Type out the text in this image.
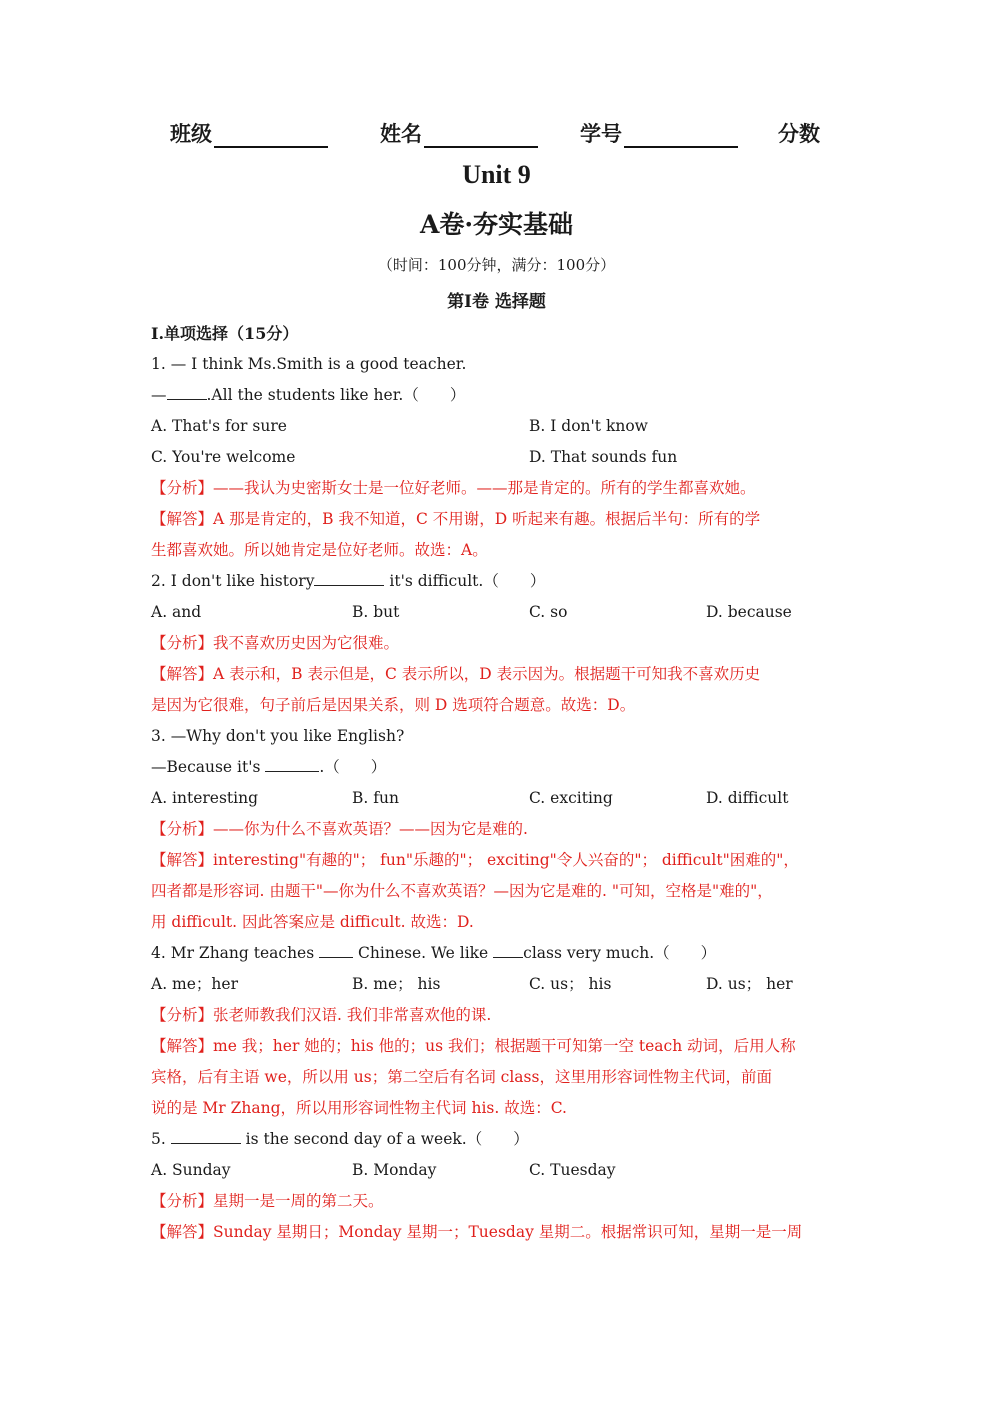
班级	姓名	学号	分数
Unit 9
A卷·夯实基础
（时间：100分钟，满分：100分）
第Ⅰ卷 选择题
I.单项选择（15分）
1. — I think Ms.Smith is a good teacher.
—	.All the students like her.（　　）
A. That's for sure	B. I don't know
C. You're welcome	D. That sounds fun
【分析】——我认为史密斯女士是一位好老师。——那是肯定的。所有的学生都喜欢她。
【解答】A 那是肯定的，B 我不知道，C 不用谢，D 听起来有趣。根据后半句：所有的学
生都喜欢她。所以她肯定是位好老师。故选：A。
2. I don't like history	it's difficult.（　　）
A. and	B. but	C. so	D. because
【分析】我不喜欢历史因为它很难。
【解答】A 表示和，B 表示但是，C 表示所以，D 表示因为。根据题干可知我不喜欢历史
是因为它很难，句子前后是因果关系，则 D 选项符合题意。故选：D。
3. —Why don't you like English?
—Because it's	.（　　）
A. interesting	B. fun	C. exciting	D. difficult
【分析】——你为什么不喜欢英语？——因为它是难的.
【解答】interesting"有趣的"； fun"乐趣的"； exciting"令人兴奋的"； difficult"困难的"，
四者都是形容词. 由题干"—你为什么不喜欢英语？—因为它是难的. "可知，空格是"难的"，
用 difficult. 因此答案应是 difficult. 故选：D.
4. Mr Zhang teaches  Chinese. We like class very much.（　　）
A. me；her	B. me； his	C. us； his	D. us； her
【分析】张老师教我们汉语. 我们非常喜欢他的课.
【解答】me 我；her 她的；his 他的；us 我们；根据题干可知第一空 teach 动词，后用人称
宾格，后有主语 we，所以用 us；第二空后有名词 class，这里用形容词性物主代词，前面
说的是 Mr Zhang，所以用形容词性物主代词 his. 故选：C.
5.	is the second day of a week.（　　）
A. Sunday	B. Monday	C. Tuesday
【分析】星期一是一周的第二天。
【解答】Sunday 星期日；Monday 星期一；Tuesday 星期二。根据常识可知，星期一是一周
